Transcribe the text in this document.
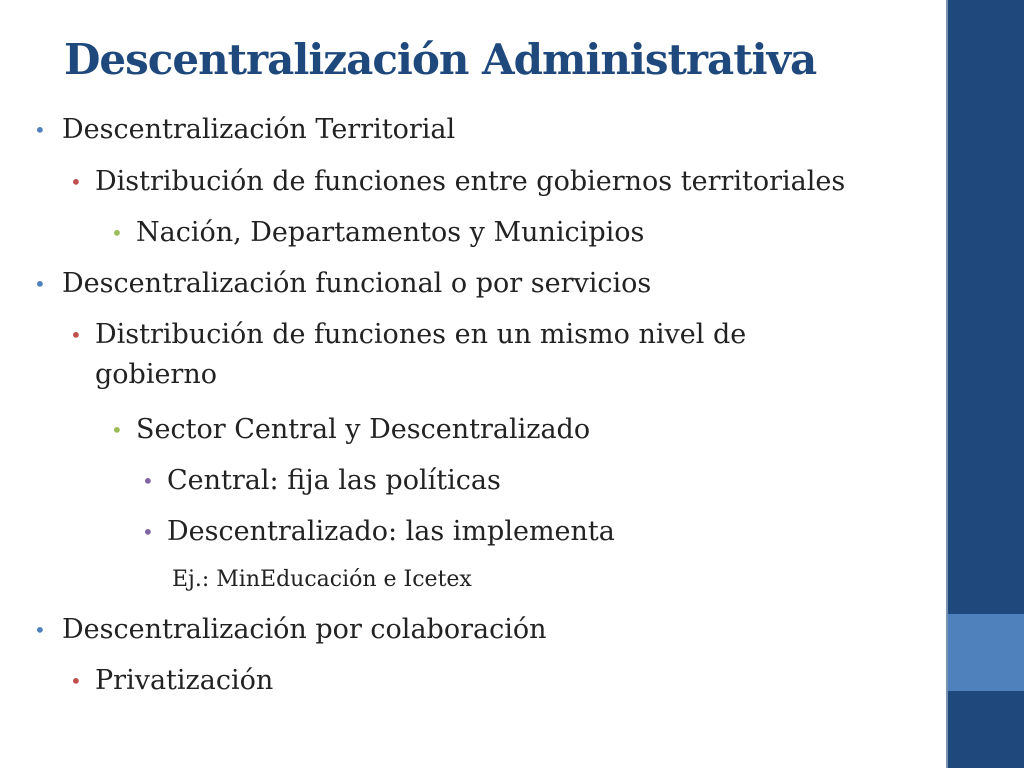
Descentralización Administrativa

• Descentralización Territorial

• Distribución de funciones entre gobiernos territoriales

• Nación, Departamentos y Municipios

• Descentralización funcional o por servicios

• Distribución de funciones en un mismo nivel de
gobierno

• Sector Central y Descentralizado

• Central: fija las políticas

• Descentralizado: las implementa

Ej.: MinEducación e Icetex

• Descentralización por colaboración

• Privatización
